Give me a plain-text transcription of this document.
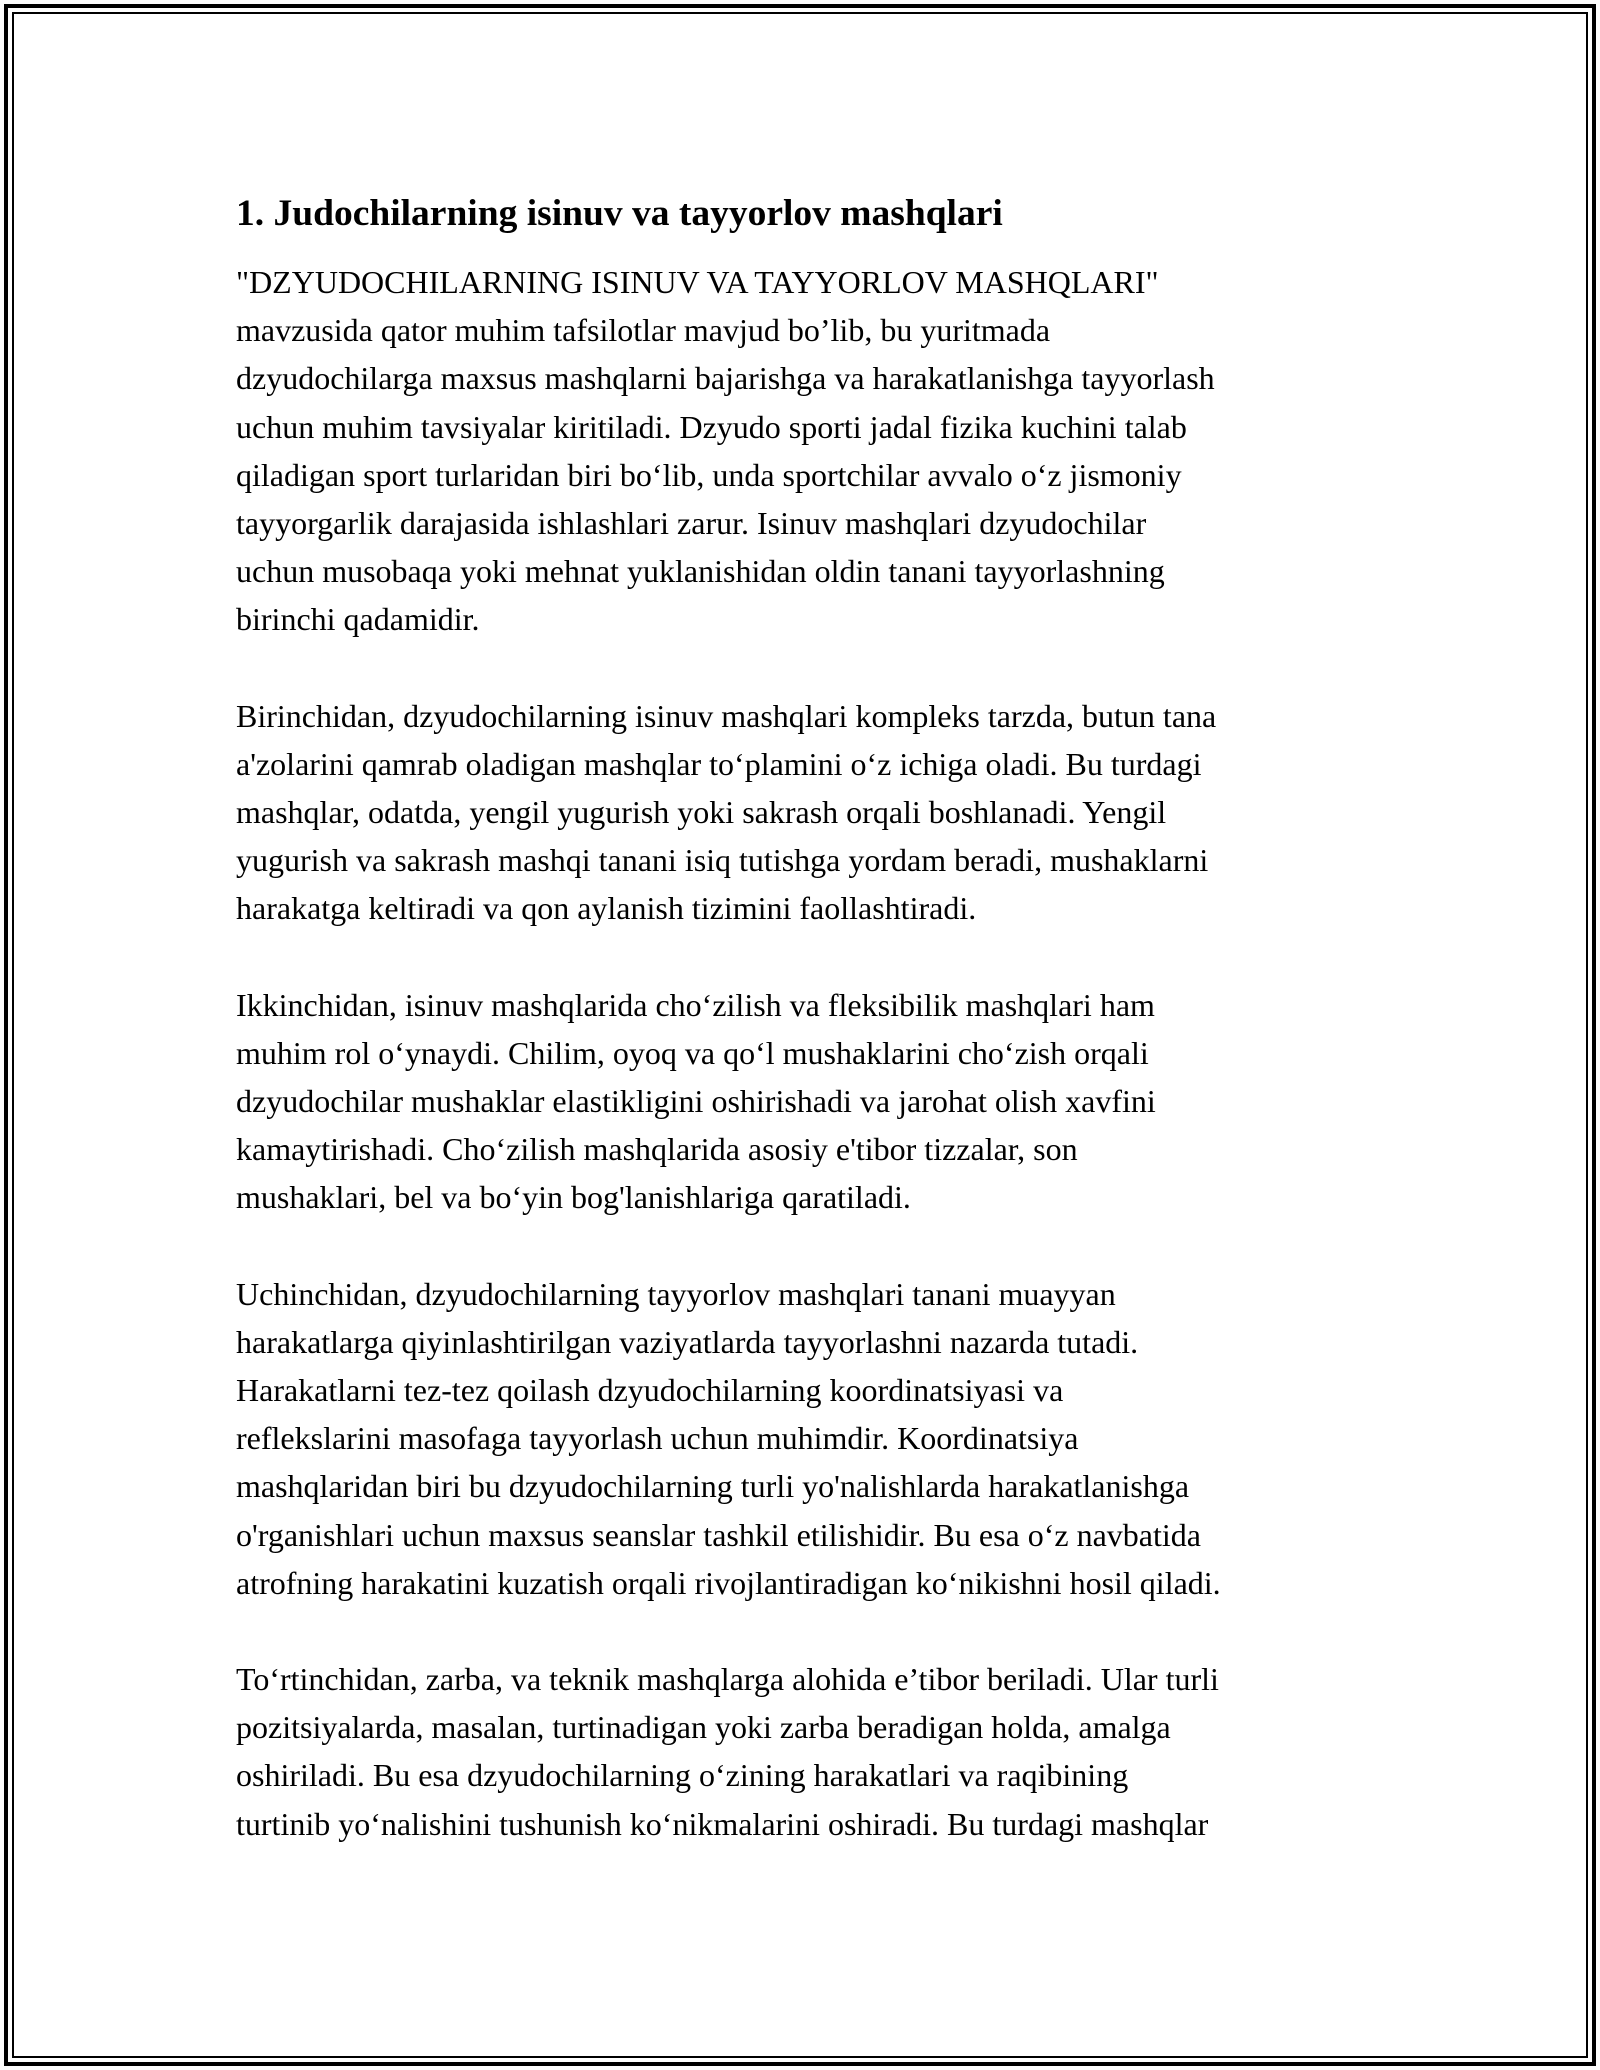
1. Judochilarning isinuv va tayyorlov mashqlari

"DZYUDOCHILARNING ISINUV VA TAYYORLOV MASHQLARI"
mavzusida qator muhim tafsilotlar mavjud bo’lib, bu yuritmada
dzyudochilarga maxsus mashqlarni bajarishga va harakatlanishga tayyorlash
uchun muhim tavsiyalar kiritiladi. Dzyudo sporti jadal fizika kuchini talab
qiladigan sport turlaridan biri bo‘lib, unda sportchilar avvalo o‘z jismoniy
tayyorgarlik darajasida ishlashlari zarur. Isinuv mashqlari dzyudochilar
uchun musobaqa yoki mehnat yuklanishidan oldin tanani tayyorlashning
birinchi qadamidir.

Birinchidan, dzyudochilarning isinuv mashqlari kompleks tarzda, butun tana
a'zolarini qamrab oladigan mashqlar to‘plamini o‘z ichiga oladi. Bu turdagi
mashqlar, odatda, yengil yugurish yoki sakrash orqali boshlanadi. Yengil
yugurish va sakrash mashqi tanani isiq tutishga yordam beradi, mushaklarni
harakatga keltiradi va qon aylanish tizimini faollashtiradi.

Ikkinchidan, isinuv mashqlarida cho‘zilish va fleksibilik mashqlari ham
muhim rol o‘ynaydi. Chilim, oyoq va qo‘l mushaklarini cho‘zish orqali
dzyudochilar mushaklar elastikligini oshirishadi va jarohat olish xavfini
kamaytirishadi. Cho‘zilish mashqlarida asosiy e'tibor tizzalar, son
mushaklari, bel va bo‘yin bog'lanishlariga qaratiladi.

Uchinchidan, dzyudochilarning tayyorlov mashqlari tanani muayyan
harakatlarga qiyinlashtirilgan vaziyatlarda tayyorlashni nazarda tutadi.
Harakatlarni tez-tez qoilash dzyudochilarning koordinatsiyasi va
reflekslarini masofaga tayyorlash uchun muhimdir. Koordinatsiya
mashqlaridan biri bu dzyudochilarning turli yo'nalishlarda harakatlanishga
o'rganishlari uchun maxsus seanslar tashkil etilishidir. Bu esa o‘z navbatida
atrofning harakatini kuzatish orqali rivojlantiradigan ko‘nikishni hosil qiladi.

To‘rtinchidan, zarba, va teknik mashqlarga alohida e’tibor beriladi. Ular turli
pozitsiyalarda, masalan, turtinadigan yoki zarba beradigan holda, amalga
oshiriladi. Bu esa dzyudochilarning o‘zining harakatlari va raqibining
turtinib yo‘nalishini tushunish ko‘nikmalarini oshiradi. Bu turdagi mashqlar
